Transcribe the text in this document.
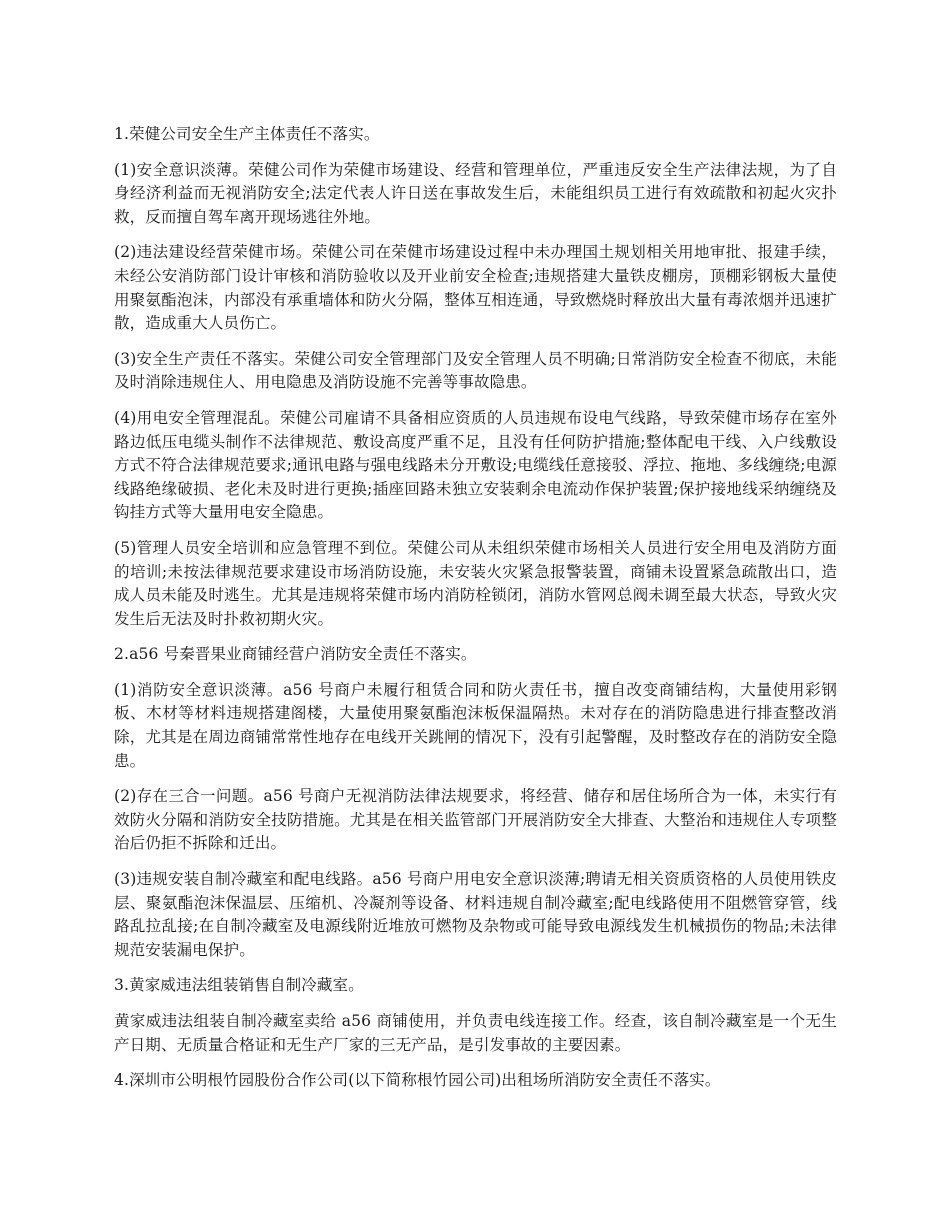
1.荣健公司安全生产主体责任不落实。

(1)安全意识淡薄。荣健公司作为荣健市场建设、经营和管理单位，严重违反安全生产法律法规，为了自身经济利益而无视消防安全;法定代表人许日送在事故发生后，未能组织员工进行有效疏散和初起火灾扑救，反而擅自驾车离开现场逃往外地。

(2)违法建设经营荣健市场。荣健公司在荣健市场建设过程中未办理国土规划相关用地审批、报建手续，未经公安消防部门设计审核和消防验收以及开业前安全检查;违规搭建大量铁皮棚房，顶棚彩钢板大量使用聚氨酯泡沫，内部没有承重墙体和防火分隔，整体互相连通，导致燃烧时释放出大量有毒浓烟并迅速扩散，造成重大人员伤亡。

(3)安全生产责任不落实。荣健公司安全管理部门及安全管理人员不明确;日常消防安全检查不彻底，未能及时消除违规住人、用电隐患及消防设施不完善等事故隐患。

(4)用电安全管理混乱。荣健公司雇请不具备相应资质的人员违规布设电气线路，导致荣健市场存在室外路边低压电缆头制作不法律规范、敷设高度严重不足，且没有任何防护措施;整体配电干线、入户线敷设方式不符合法律规范要求;通讯电路与强电线路未分开敷设;电缆线任意接驳、浮拉、拖地、多线缠绕;电源线路绝缘破损、老化未及时进行更换;插座回路未独立安装剩余电流动作保护装置;保护接地线采纳缠绕及钩挂方式等大量用电安全隐患。

(5)管理人员安全培训和应急管理不到位。荣健公司从未组织荣健市场相关人员进行安全用电及消防方面的培训;未按法律规范要求建设市场消防设施，未安装火灾紧急报警装置，商铺未设置紧急疏散出口，造成人员未能及时逃生。尤其是违规将荣健市场内消防栓锁闭，消防水管网总阀未调至最大状态，导致火灾发生后无法及时扑救初期火灾。

2.a56 号秦晋果业商铺经营户消防安全责任不落实。

(1)消防安全意识淡薄。a56 号商户未履行租赁合同和防火责任书，擅自改变商铺结构，大量使用彩钢板、木材等材料违规搭建阁楼，大量使用聚氨酯泡沫板保温隔热。未对存在的消防隐患进行排查整改消除，尤其是在周边商铺常常性地存在电线开关跳闸的情况下，没有引起警醒，及时整改存在的消防安全隐患。

(2)存在三合一问题。a56 号商户无视消防法律法规要求，将经营、储存和居住场所合为一体，未实行有效防火分隔和消防安全技防措施。尤其是在相关监管部门开展消防安全大排查、大整治和违规住人专项整治后仍拒不拆除和迁出。

(3)违规安装自制冷藏室和配电线路。a56 号商户用电安全意识淡薄;聘请无相关资质资格的人员使用铁皮层、聚氨酯泡沫保温层、压缩机、冷凝剂等设备、材料违规自制冷藏室;配电线路使用不阻燃管穿管，线路乱拉乱接;在自制冷藏室及电源线附近堆放可燃物及杂物或可能导致电源线发生机械损伤的物品;未法律规范安装漏电保护。

3.黄家威违法组装销售自制冷藏室。

黄家威违法组装自制冷藏室卖给 a56 商铺使用，并负责电线连接工作。经查，该自制冷藏室是一个无生产日期、无质量合格证和无生产厂家的三无产品，是引发事故的主要因素。

4.深圳市公明根竹园股份合作公司(以下简称根竹园公司)出租场所消防安全责任不落实。
